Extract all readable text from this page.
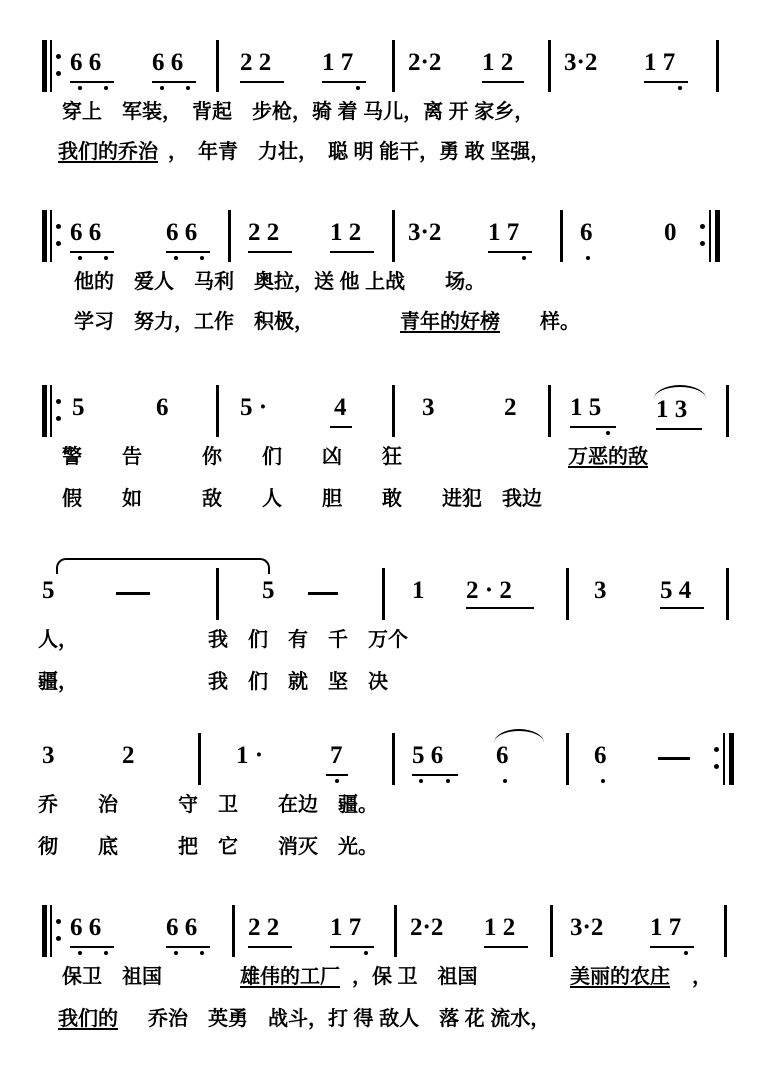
6 6 6 6 2 2 1 7 2·2 1 2 3·2 1 7
穿上　军装，　背起　步枪，骑 着 马儿，离 开 家乡，
我们的乔治 ，　年青　力壮，　聪 明 能干，勇 敢 坚强，
6 6	6 6 2 2 1 2 3·2 1 7 6	0
他的　爱人　马利　奥拉，送 他 上战　　场。
学习　努力，工作　积极，	青年的好榜 　样。
5	6	5 ·	4	3	2 1 5 1 3
警　　告　　　你　　们　　凶　　狂　	万恶的敌
假　　如　　　敌　　人　　胆　　敢　　进犯　我边
5	5	1 2 · 2	3 5 4
人，　　　　　　　我　们　有　千　万个
疆，　　　　　　　我　们　就　坚　决
3	2	1 ·	7	5 6 6	6
乔　　治　　　守　卫　　在边　疆。
彻　　底　　　把　它　　消灭　光。
6 6	6 6 2 2 1 7 2·2 1 2 3·2 1 7
保卫　祖国	雄伟的工厂 ，保 卫　祖国	美丽的农庄 ，
我们的 　乔治　英勇　战斗，打 得 敌人　落 花 流水，
